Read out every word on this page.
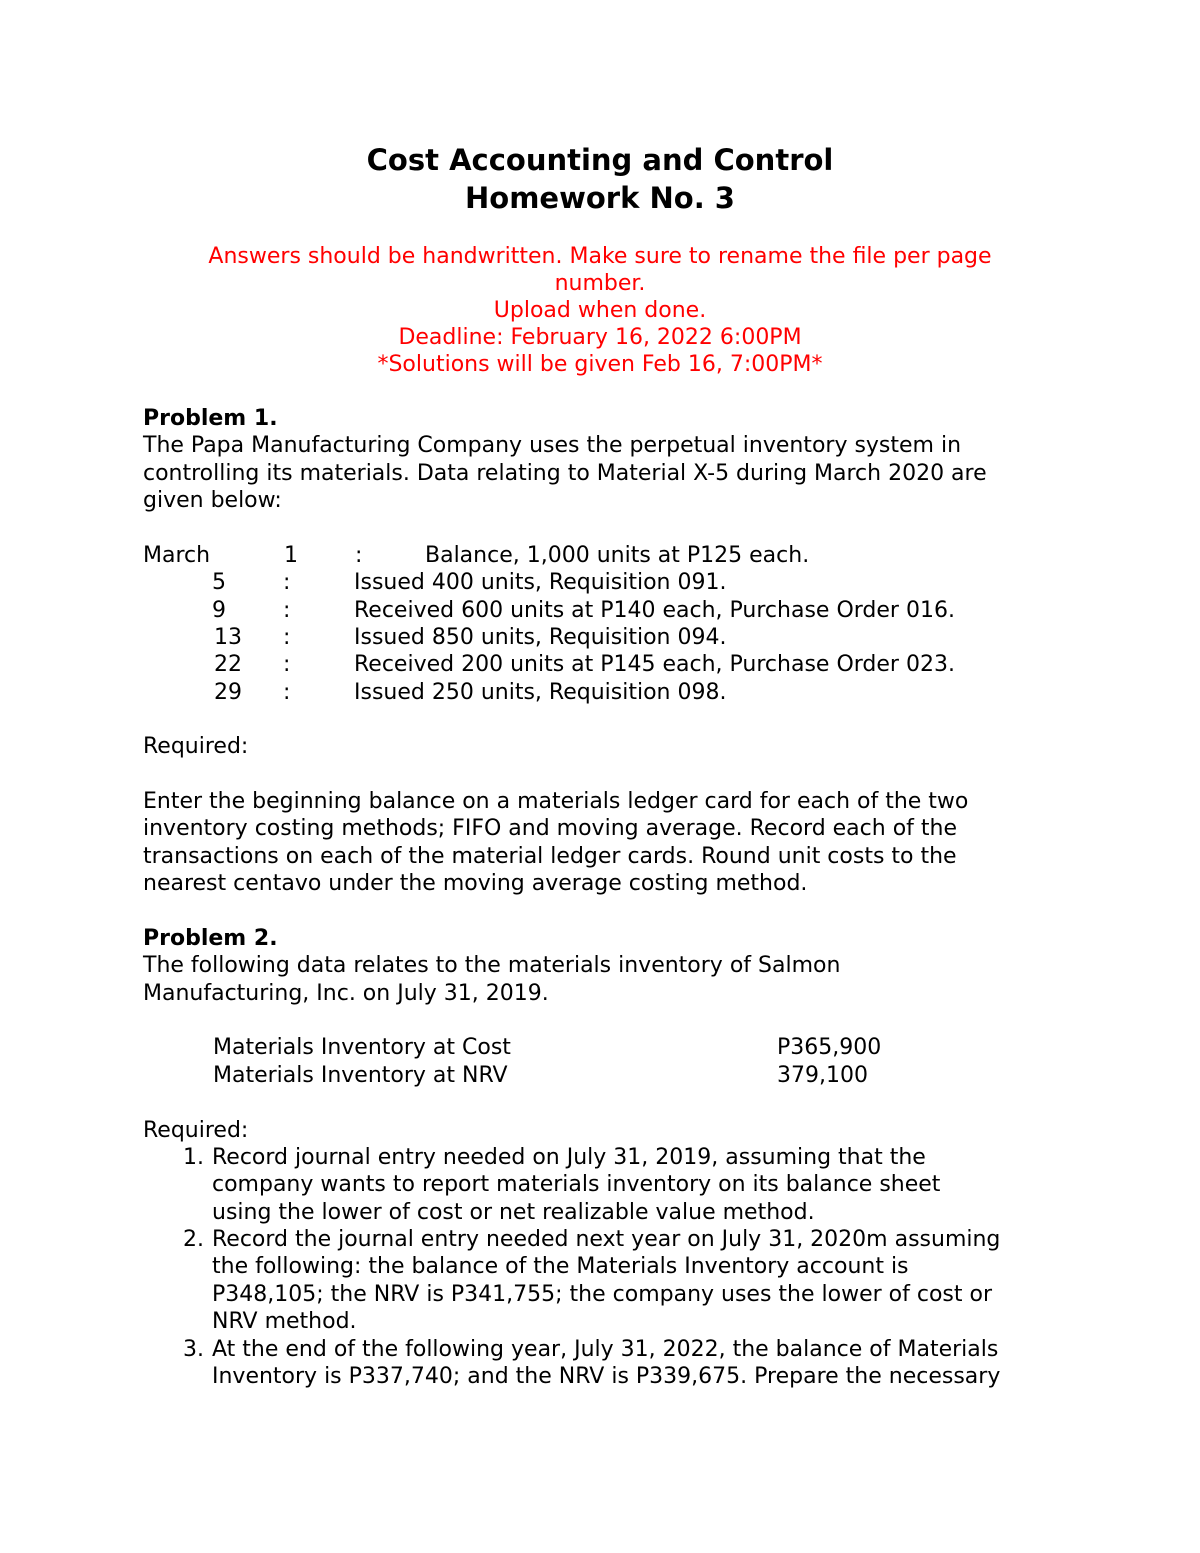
Cost Accounting and Control
Homework No. 3
Answers should be handwritten. Make sure to rename the file per page
number.
Upload when done.
Deadline: February 16, 2022 6:00PM
*Solutions will be given Feb 16, 7:00PM*
Problem 1.
The Papa Manufacturing Company uses the perpetual inventory system in
controlling its materials. Data relating to Material X-5 during March 2020 are
given below:
March	1	:	Balance, 1,000 units at P125 each.
5	:	Issued 400 units, Requisition 091.
9	:	Received 600 units at P140 each, Purchase Order 016.
13 :	Issued 850 units, Requisition 094.
22 :	Received 200 units at P145 each, Purchase Order 023.
29 :	Issued 250 units, Requisition 098.
Required:
Enter the beginning balance on a materials ledger card for each of the two
inventory costing methods; FIFO and moving average. Record each of the
transactions on each of the material ledger cards. Round unit costs to the
nearest centavo under the moving average costing method.
Problem 2.
The following data relates to the materials inventory of Salmon
Manufacturing, Inc. on July 31, 2019.
Materials Inventory at Cost	P365,900
Materials Inventory at NRV	379,100
Required:
1. Record journal entry needed on July 31, 2019, assuming that the
company wants to report materials inventory on its balance sheet
using the lower of cost or net realizable value method.
2. Record the journal entry needed next year on July 31, 2020m assuming
the following: the balance of the Materials Inventory account is
P348,105; the NRV is P341,755; the company uses the lower of cost or
NRV method.
3. At the end of the following year, July 31, 2022, the balance of Materials
Inventory is P337,740; and the NRV is P339,675. Prepare the necessary
